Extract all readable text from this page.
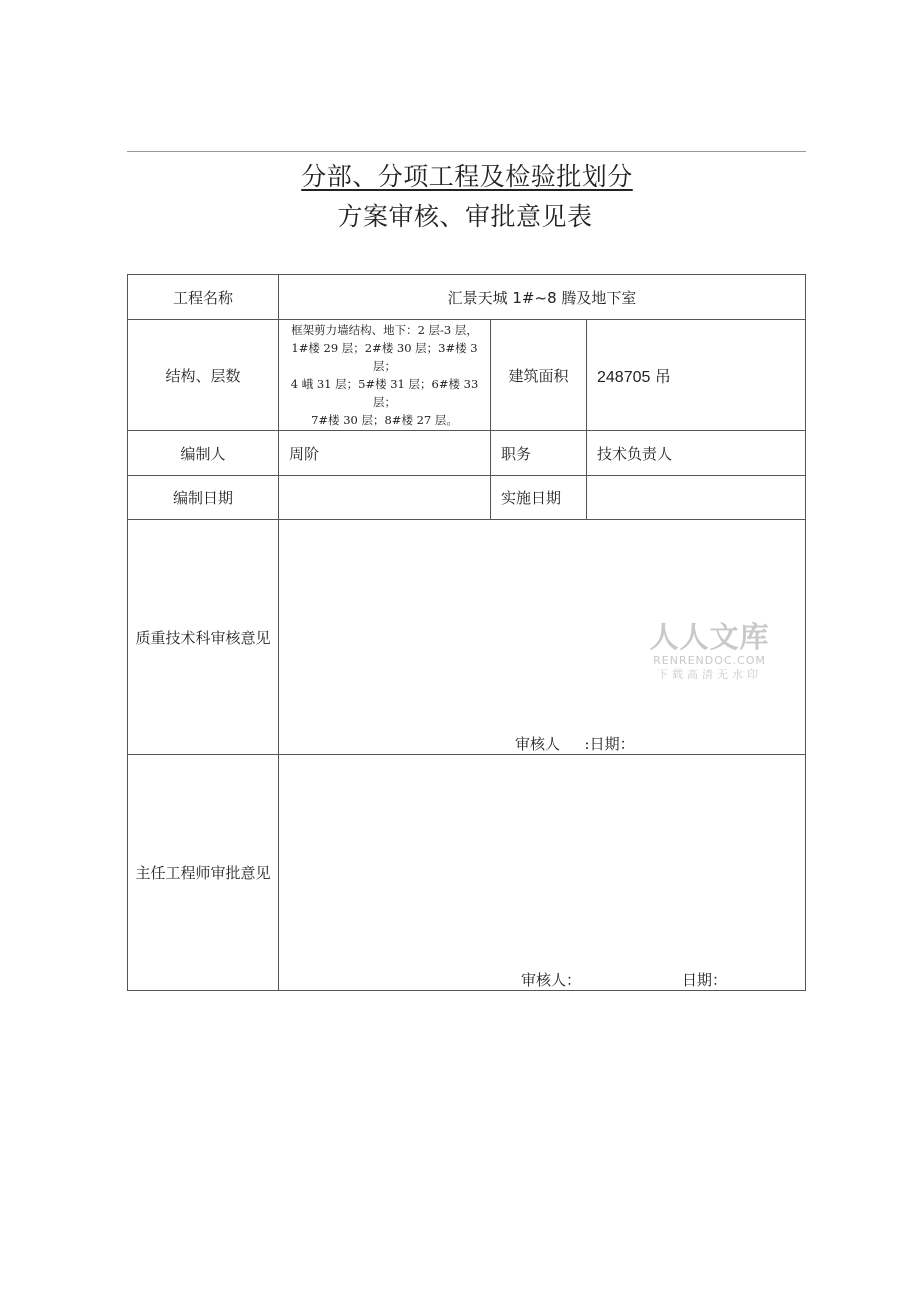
分部、分项工程及检验批划分
方案审核、审批意见表
工程名称	汇景天城 1#~8 腾及地下室		
结构、层数	框架剪力墙结构、地下：2 层-3 层，
1#楼 29 层；2#楼 30 层；3#楼 3 层；
4 峨 31 层；5#楼 31 层；6#楼 33 层；
7#楼 30 层；8#楼 27 层。	建筑面积	248705 吊
编制人	周阶	职务	技术负责人
编制日期		实施日期	
质重技术科审核意见	审核人　  :日期：		

主任工程师审批意见	审核人： 日期：		
人人文库
RENRENDOC.COM
下载高清无水印
